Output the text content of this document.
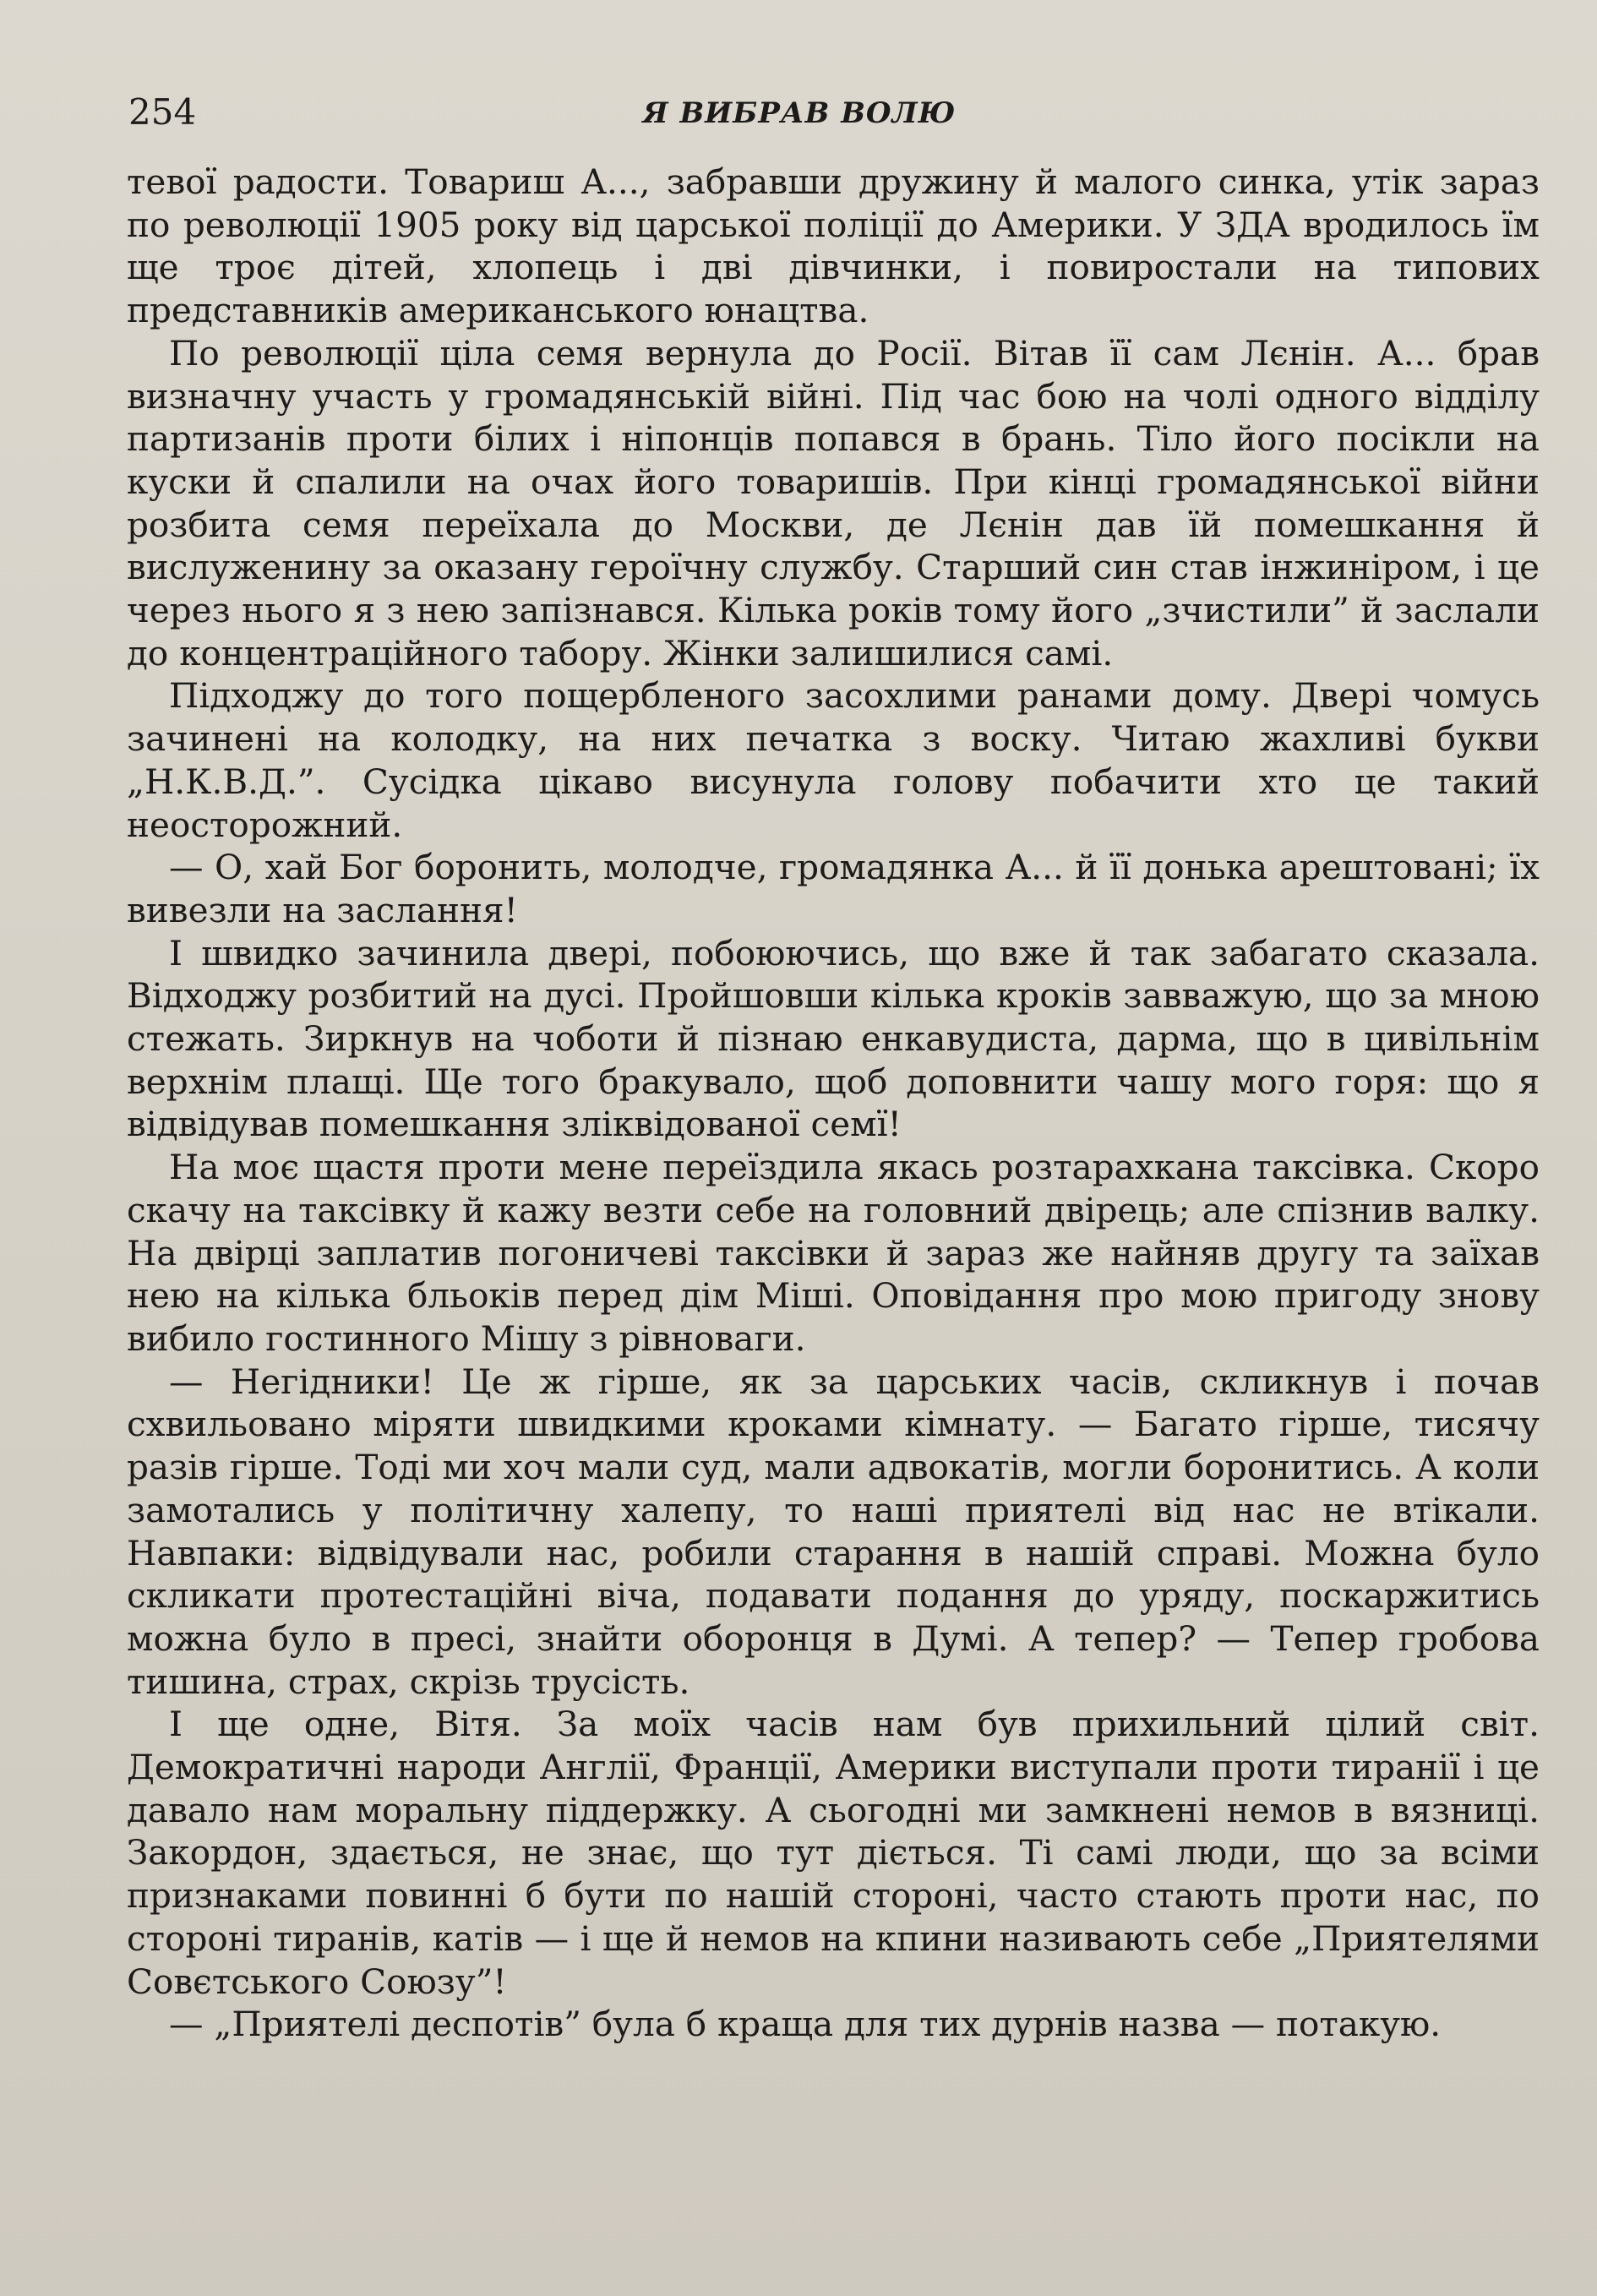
254	Я ВИБРАВ ВОЛЮ

тевої радости. Товариш А..., забравши дружину й малого синка, утік зараз по революції 1905 року від царської поліції до Америки. У ЗДА вродилось їм ще троє дітей, хлопець і дві дівчинки, і повиростали на типових представників американського юнацтва.

По революції ціла семя вернула до Росії. Вітав її сам Лєнін. А... брав визначну участь у громадянській війні. Під час бою на чолі одного відділу партизанів проти білих і ніпонців попався в брань. Тіло його посікли на куски й спалили на очах його товаришів. При кінці громадянської війни розбита семя переїхала до Москви, де Лєнін дав їй помешкання й вислуженину за оказану героїчну службу. Старший син став інжиніром, і це через нього я з нею запізнався. Кілька років тому його „зчистили” й заслали до концентраційного табору. Жінки залишилися самі.

Підходжу до того пощербленого засохлими ранами дому. Двері чомусь зачинені на колодку, на них печатка з воску. Читаю жахливі букви „Н.К.В.Д.”. Сусідка цікаво висунула голову побачити хто це такий неосторожний.

— О, хай Бог боронить, молодче, громадянка А... й її донька арештовані; їх вивезли на заслання!

І швидко зачинила двері, побоюючись, що вже й так забагато сказала. Відходжу розбитий на дусі. Пройшовши кілька кроків завважую, що за мною стежать. Зиркнув на чоботи й пізнаю енкавудиста, дарма, що в цивільнім верхнім плащі. Ще того бракувало, щоб доповнити чашу мого горя: що я відвідував помешкання зліквідованої семї!

На моє щастя проти мене переїздила якась розтарахкана таксівка. Скоро скачу на таксівку й кажу везти себе на головний двірець; але спізнив валку. На двірці заплатив погоничеві таксівки й зараз же найняв другу та заїхав нею на кілька бльоків перед дім Міші. Оповідання про мою пригоду знову вибило гостинного Мішу з рівноваги.

— Негідники! Це ж гірше, як за царських часів, скликнув і почав схвильовано міряти швидкими кроками кімнату. — Багато гірше, тисячу разів гірше. Тоді ми хоч мали суд, мали адвокатів, могли боронитись. А коли замотались у політичну халепу, то наші приятелі від нас не втікали. Навпаки: відвідували нас, робили старання в нашій справі. Можна було скликати протестаційні віча, подавати подання до уряду, поскаржитись можна було в пресі, знайти оборонця в Думі. А тепер? — Тепер гробова тишина, страх, скрізь трусість.

І ще одне, Вітя. За моїх часів нам був прихильний цілий світ. Демократичні народи Англії, Франції, Америки виступали проти тиранії і це давало нам моральну піддержку. А сьогодні ми замкнені немов в вязниці. Закордон, здається, не знає, що тут діється. Ті самі люди, що за всіми признаками повинні б бути по нашій стороні, часто стають проти нас, по стороні тиранів, катів — і ще й немов на кпини називають себе „Приятелями Совєтського Союзу”!

— „Приятелі деспотів” була б краща для тих дурнів назва — потакую.
